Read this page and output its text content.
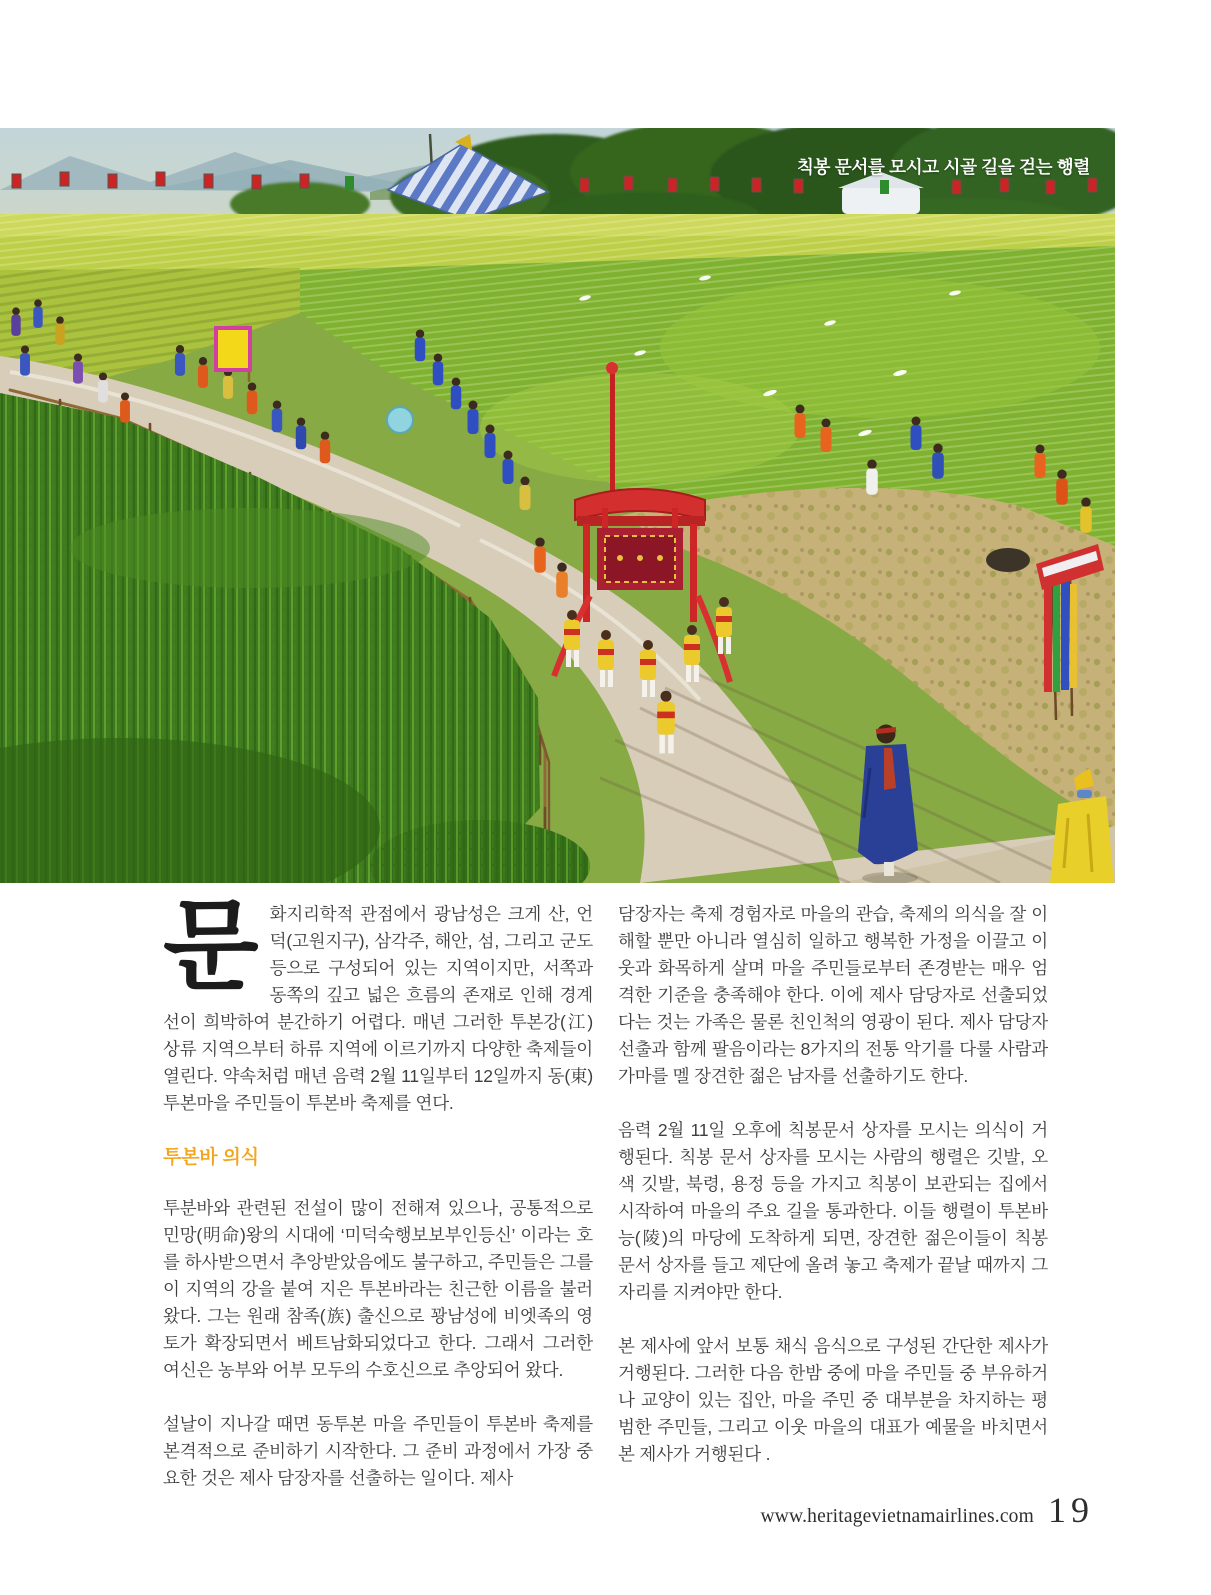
칙봉 문서를 모시고 시골 길을 걷는 행렬

문화지리학적 관점에서 광남성은 크게 산, 언덕(고원지구), 삼각주, 해안, 섬, 그리고 군도 등으로 구성되어 있는 지역이지만, 서쪽과 동쪽의 깊고 넓은 흐름의 존재로 인해 경계선이 희박하여 분간하기 어렵다. 매년 그러한 투본강(江) 상류 지역으부터 하류 지역에 이르기까지 다양한 축제들이 열린다. 약속처럼 매년 음력 2월 11일부터 12일까지 동(東)투본마을 주민들이 투본바 축제를 연다.

투본바 의식

투분바와 관련된 전설이 많이 전해져 있으나, 공통적으로 민망(明命)왕의 시대에 ‘미덕숙행보보부인등신’ 이라는 호를 하사받으면서 추앙받았음에도 불구하고, 주민들은 그를 이 지역의 강을 붙여 지은 투본바라는 친근한 이름을 불러 왔다. 그는 원래 참족(族) 출신으로 꽝남성에 비엣족의 영토가 확장되면서 베트남화되었다고 한다. 그래서 그러한 여신은 농부와 어부 모두의 수호신으로 추앙되어 왔다.

설날이 지나갈 때면 동투본 마을 주민들이 투본바 축제를 본격적으로 준비하기 시작한다. 그 준비 과정에서 가장 중요한 것은 제사 담장자를 선출하는 일이다. 제사

담장자는 축제 경험자로 마을의 관습, 축제의 의식을 잘 이해할 뿐만 아니라 열심히 일하고 행복한 가정을 이끌고 이웃과 화목하게 살며 마을 주민들로부터 존경받는 매우 엄격한 기준을 충족해야 한다. 이에 제사 담당자로 선출되었다는 것는 가족은 물론 친인척의 영광이 된다. 제사 담당자 선출과 함께 팔음이라는 8가지의 전통 악기를 다룰 사람과 가마를 멜 장견한 젊은 남자를 선출하기도 한다.

음력 2월 11일 오후에 칙봉문서 상자를 모시는 의식이 거행된다. 칙봉 문서 상자를 모시는 사람의 행렬은 깃발, 오색 깃발, 북령, 용정 등을 가지고 칙봉이 보관되는 집에서 시작하여 마을의 주요 길을 통과한다. 이들 행렬이 투본바능(陵)의 마당에 도착하게 되면, 장견한 젊은이들이 칙봉 문서 상자를 들고 제단에 올려 놓고 축제가 끝날 때까지 그 자리를 지켜야만 한다.

본 제사에 앞서 보통 채식 음식으로 구성된 간단한 제사가 거행된다. 그러한 다음 한밤 중에 마을 주민들 중 부유하거나 교양이 있는 집안, 마을 주민 중 대부분을 차지하는 평범한 주민들, 그리고 이웃 마을의 대표가 예물을 바치면서 본 제사가 거행된다 .

www.heritagevietnamairlines.com 19
